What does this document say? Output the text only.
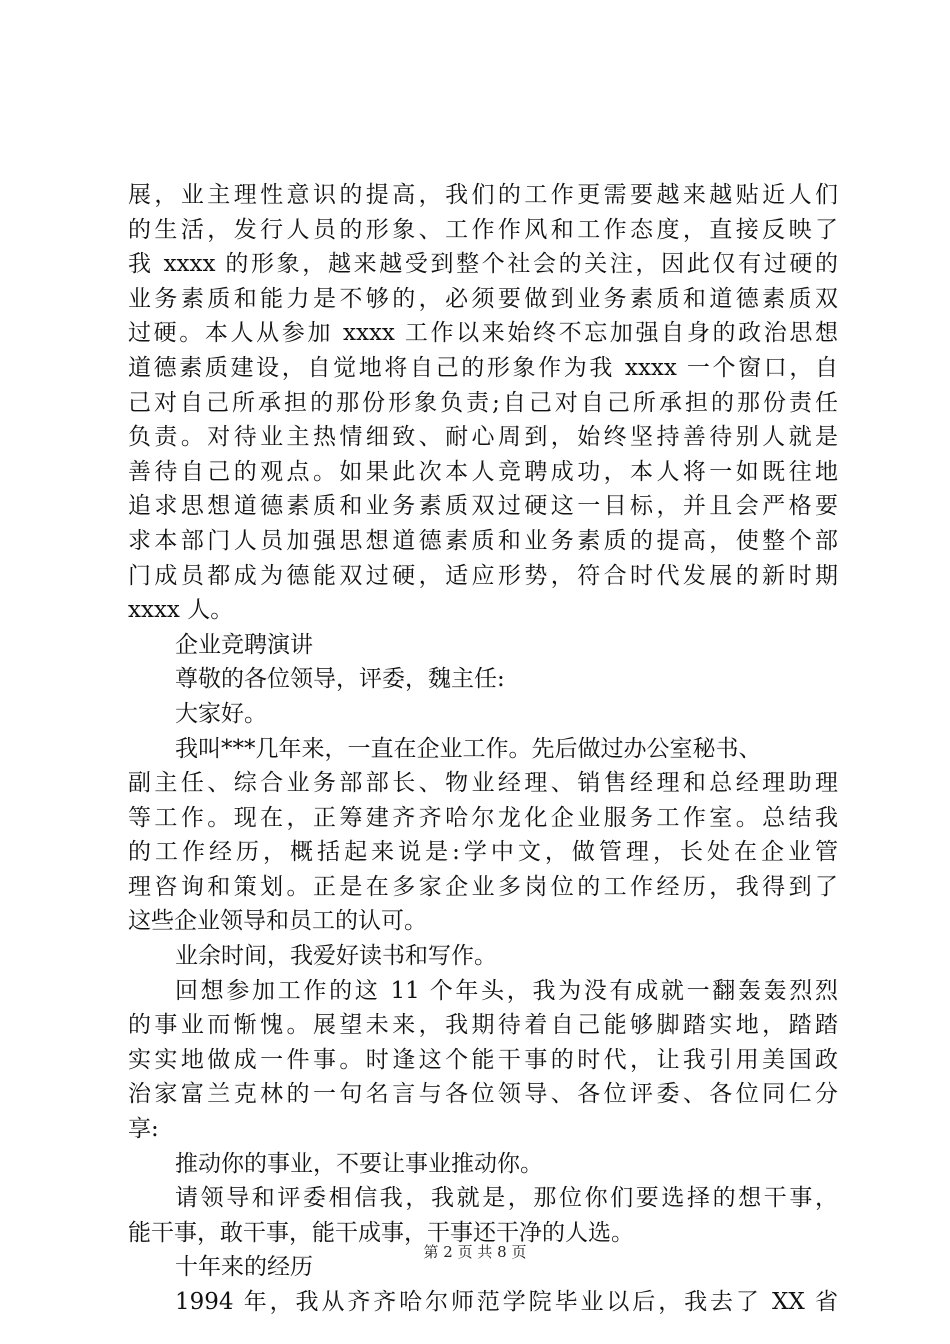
展，业主理性意识的提高，我们的工作更需要越来越贴近人们
的生活，发行人员的形象、工作作风和工作态度，直接反映了
我 xxxx 的形象，越来越受到整个社会的关注，因此仅有过硬的
业务素质和能力是不够的，必须要做到业务素质和道德素质双
过硬。本人从参加 xxxx 工作以来始终不忘加强自身的政治思想
道德素质建设，自觉地将自己的形象作为我 xxxx 一个窗口，自
己对自己所承担的那份形象负责;自己对自己所承担的那份责任
负责。对待业主热情细致、耐心周到，始终坚持善待别人就是
善待自己的观点。如果此次本人竞聘成功，本人将一如既往地
追求思想道德素质和业务素质双过硬这一目标，并且会严格要
求本部门人员加强思想道德素质和业务素质的提高，使整个部
门成员都成为德能双过硬，适应形势，符合时代发展的新时期
xxxx 人。
企业竞聘演讲
尊敬的各位领导，评委，魏主任:
大家好。
我叫***几年来，一直在企业工作。先后做过办公室秘书、
副主任、综合业务部部长、物业经理、销售经理和总经理助理
等工作。现在，正筹建齐齐哈尔龙化企业服务工作室。总结我
的工作经历，概括起来说是:学中文，做管理，长处在企业管
理咨询和策划。正是在多家企业多岗位的工作经历，我得到了
这些企业领导和员工的认可。
业余时间，我爱好读书和写作。
回想参加工作的这 11 个年头，我为没有成就一翻轰轰烈烈
的事业而惭愧。展望未来，我期待着自己能够脚踏实地，踏踏
实实地做成一件事。时逢这个能干事的时代，让我引用美国政
治家富兰克林的一句名言与各位领导、各位评委、各位同仁分
享:
推动你的事业，不要让事业推动你。
请领导和评委相信我，我就是，那位你们要选择的想干事，
能干事，敢干事，能干成事，干事还干净的人选。
十年来的经历
1994 年，我从齐齐哈尔师范学院毕业以后，我去了 XX 省
第 2 页 共 8 页
